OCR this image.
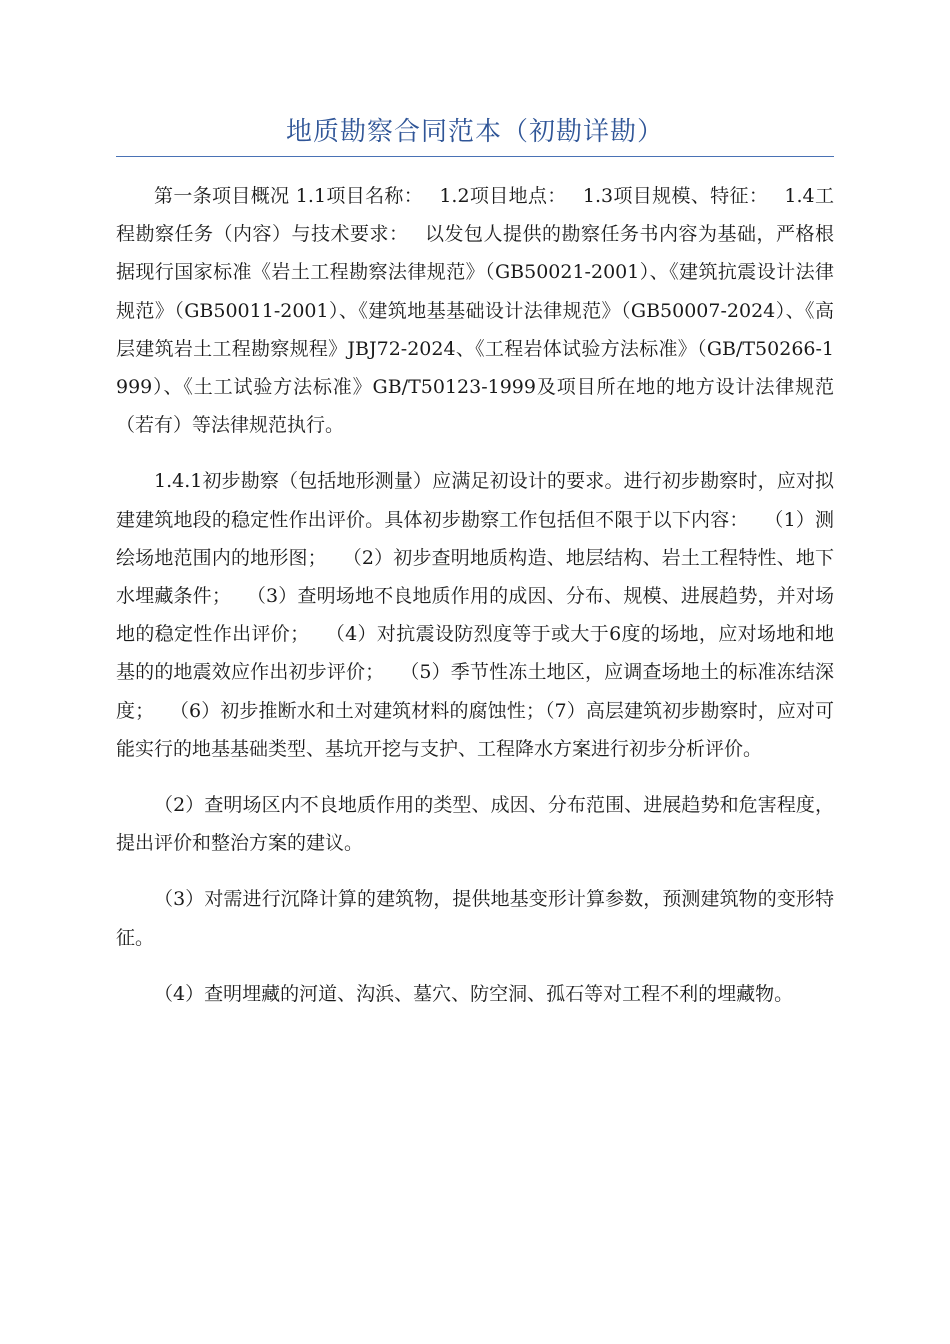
地质勘察合同范本（初勘详勘）

第一条项目概况 1.1项目名称：　 1.2项目地点：　 1.3项目规模、特征：　 1.4工程勘察任务（内容）与技术要求：　 以发包人提供的勘察任务书内容为基础，严格根据现行国家标准《岩土工程勘察法律规范》（GB50021-2001）、《建筑抗震设计法律规范》（GB50011-2001）、《建筑地基基础设计法律规范》（GB50007-2024）、《高层建筑岩土工程勘察规程》JBJ72-2024、《工程岩体试验方法标准》（GB/T50266-1999）、《土工试验方法标准》GB/T50123-1999及项目所在地的地方设计法律规范（若有）等法律规范执行。

1.4.1初步勘察（包括地形测量）应满足初设计的要求。进行初步勘察时，应对拟建建筑地段的稳定性作出评价。具体初步勘察工作包括但不限于以下内容：　 （1）测绘场地范围内的地形图；　 （2）初步查明地质构造、地层结构、岩土工程特性、地下水埋藏条件；　 （3）查明场地不良地质作用的成因、分布、规模、进展趋势，并对场地的稳定性作出评价；　 （4）对抗震设防烈度等于或大于6度的场地，应对场地和地基的的地震效应作出初步评价；　 （5）季节性冻土地区，应调查场地土的标准冻结深度；　 （6）初步推断水和土对建筑材料的腐蚀性；（7）高层建筑初步勘察时，应对可能实行的地基基础类型、基坑开挖与支护、工程降水方案进行初步分析评价。

（2）查明场区内不良地质作用的类型、成因、分布范围、进展趋势和危害程度，提出评价和整治方案的建议。

（3）对需进行沉降计算的建筑物，提供地基变形计算参数，预测建筑物的变形特征。

（4）查明埋藏的河道、沟浜、墓穴、防空洞、孤石等对工程不利的埋藏物。
